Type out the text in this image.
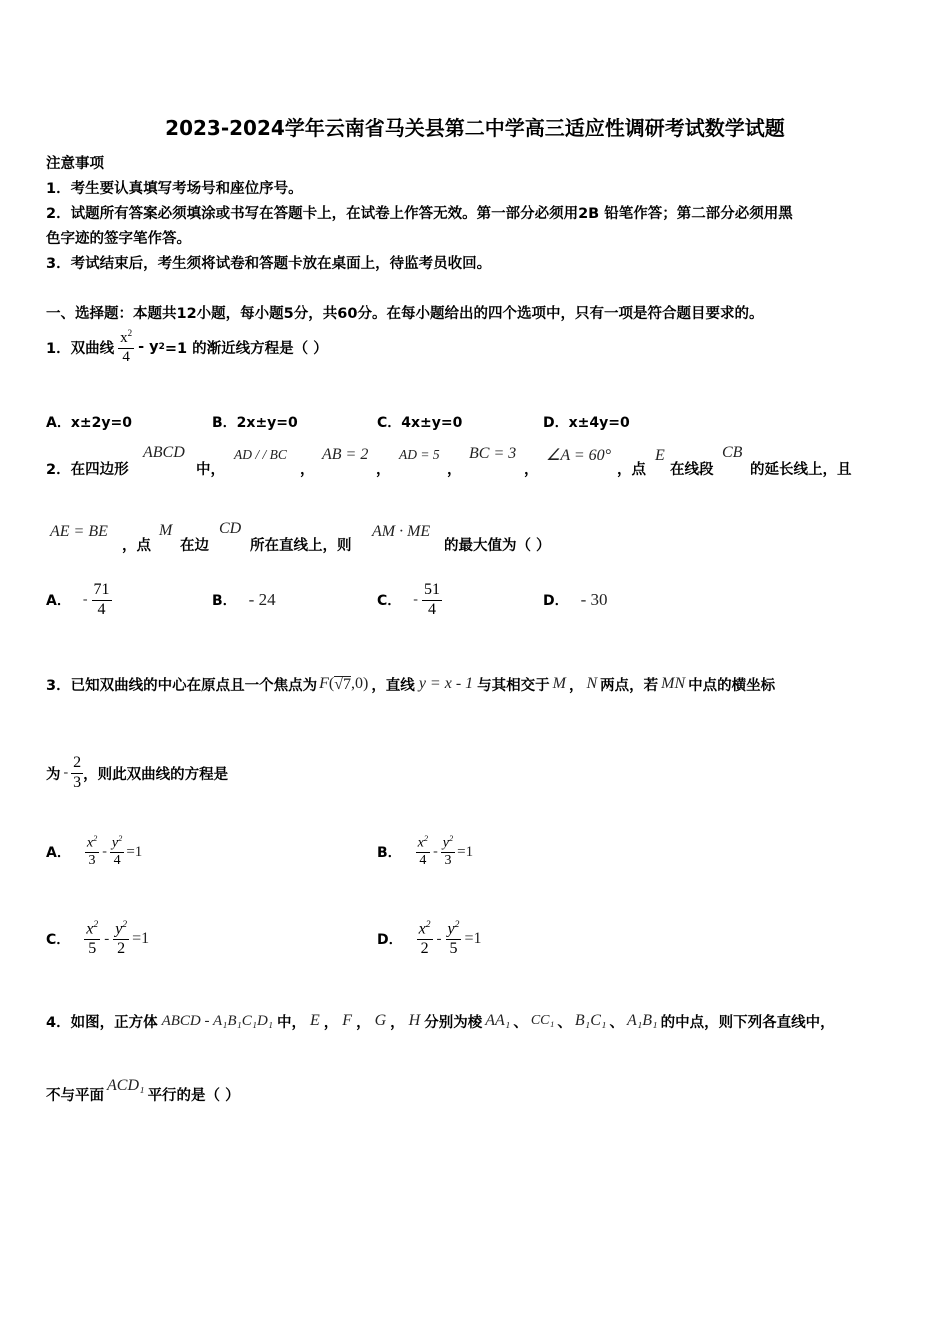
2023-2024学年云南省马关县第二中学高三适应性调研考试数学试题
注意事项
1．考生要认真填写考场号和座位序号。
2．试题所有答案必须填涂或书写在答题卡上，在试卷上作答无效。第一部分必须用2B 铅笔作答；第二部分必须用黑
色字迹的签字笔作答。
3．考试结束后，考生须将试卷和答题卡放在桌面上，待监考员收回。
一、选择题：本题共12小题，每小题5分，共60分。在每小题给出的四个选项中，只有一项是符合题目要求的。
1．双曲线 $\frac{x^2}{4}$ - y 2 =1 的渐近线方程是（ ）
A．x±2y=0	B．2x±y=0	C．4x±y=0	D．x±4y=0
2．在四边形
ABCD
中，
AD / / BC
，
AB = 2
，
AD = 5
，
BC = 3
，
∠A = 60°
，点
E
在线段
CB
的延长线上，且
AE = BE
，点
M
在边
CD
所在直线上，则
AM · ME
的最大值为（ ）
A． - $\frac{71}{4}$	B． - 24	C． - $\frac{51}{4}$	D． - 30
3．已知双曲线的中心在原点且一个焦点为 F ( √7 ,0) ，直线 y = x - 1 与其相交于 M ， N 两点，若 MN 中点的横坐标
为 - $\frac{2}{3}$ ，则此双曲线的方程是
A． $\frac{x^2}{3} - \frac{y^2}{4} =1$	B． $\frac{x^2}{4} - \frac{y^2}{3} =1$
C． $\frac{x^2}{5} - \frac{y^2}{2} =1$	D． $\frac{x^2}{2} - \frac{y^2}{5} =1$
4．如图，正方体 ABCD - A₁B₁C₁D₁ 中， E ， F ， G ， H 分别为棱 AA₁ 、 CC₁ 、 B₁C₁ 、 A₁B₁ 的中点，则下列各直线中，
不与平面
ACD₁
平行的是（ ）
